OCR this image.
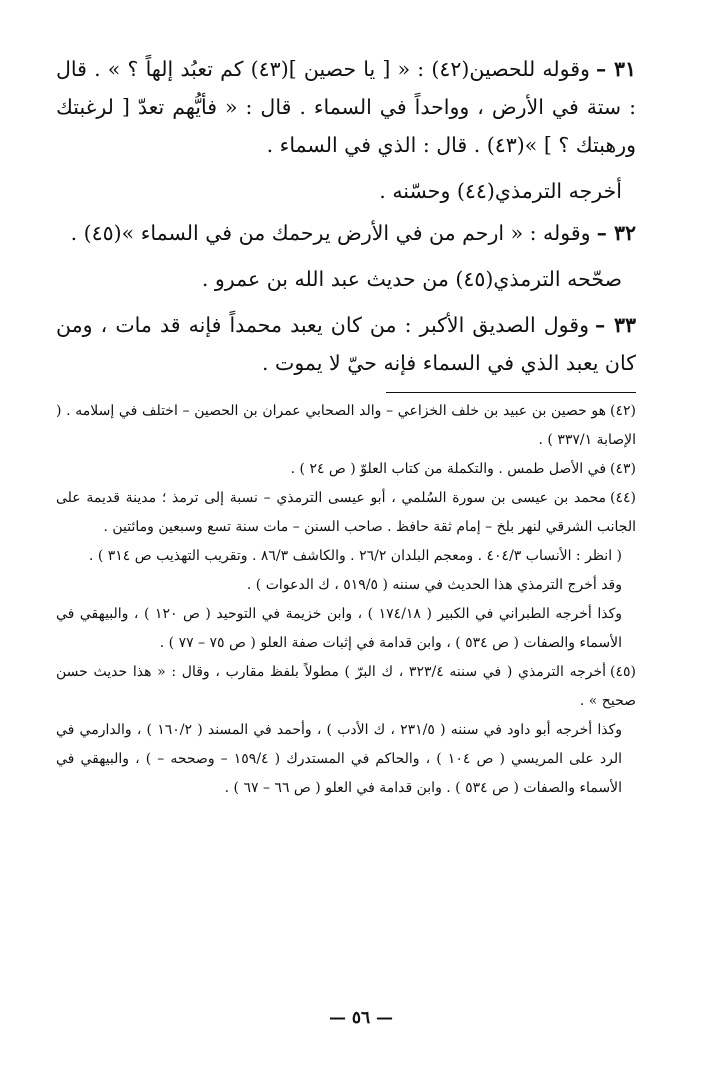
٣١ –وقوله للحصين(٤٢) : « [ يا حصين ](٤٣) كم تعبُد إلهاً ؟ » . قال : ستة في الأرض ، وواحداً في السماء . قال : « فأيُّهم تعدّ [ لرغبتك ورهبتك ؟ ] »(٤٣) . قال : الذي في السماء .

أخرجه الترمذي(٤٤) وحسّنه .

٣٢ –وقوله : « ارحم من في الأرض يرحمك من في السماء »(٤٥) .

صحّحه الترمذي(٤٥) من حديث عبد الله بن عمرو .

٣٣ –وقول الصديق الأكبر : من كان يعبد محمداً فإنه قد مات ، ومن كان يعبد الذي في السماء فإنه حيّ لا يموت .

(٤٢)هو حصين بن عبيد بن خلف الخزاعي – والد الصحابي عمران بن الحصين – اختلف في إسلامه . ( الإصابة ٣٣٧/١ ) .

(٤٣)في الأصل طمس . والتكملة من كتاب العلوّ ( ص ٢٤ ) .

(٤٤)محمد بن عيسى بن سورة السُلمي ، أبو عيسى الترمذي – نسبة إلى ترمذ ؛ مدينة قديمة على الجانب الشرقي لنهر بلخ – إمام ثقة حافظ . صاحب السنن – مات سنة تسع وسبعين ومائتين .

( انظر : الأنساب ٤٠٤/٣ . ومعجم البلدان ٢٦/٢ . والكاشف ٨٦/٣ . وتقريب التهذيب ص ٣١٤ ) .

وقد أخرج الترمذي هذا الحديث في سننه ( ٥١٩/٥ ، ك الدعوات ) .

وكذا أخرجه الطبراني في الكبير ( ١٧٤/١٨ ) ، وابن خزيمة في التوحيد ( ص ١٢٠ ) ، والبيهقي في الأسماء والصفات ( ص ٥٣٤ ) ، وابن قدامة في إثبات صفة العلو ( ص ٧٥ – ٧٧ ) .

(٤٥)أخرجه الترمذي ( في سننه ٣٢٣/٤ ، ك البرّ ) مطولاً بلفظ مقارب ، وقال : « هذا حديث حسن صحيح » .

وكذا أخرجه أبو داود في سننه ( ٢٣١/٥ ، ك الأدب ) ، وأحمد في المسند ( ١٦٠/٢ ) ، والدارمي في الرد على المريسي ( ص ١٠٤ ) ، والحاكم في المستدرك ( ١٥٩/٤ – وصححه – ) ، والبيهقي في الأسماء والصفات ( ص ٥٣٤ ) . وابن قدامة في العلو ( ص ٦٦ – ٦٧ ) .

— ٥٦ —
